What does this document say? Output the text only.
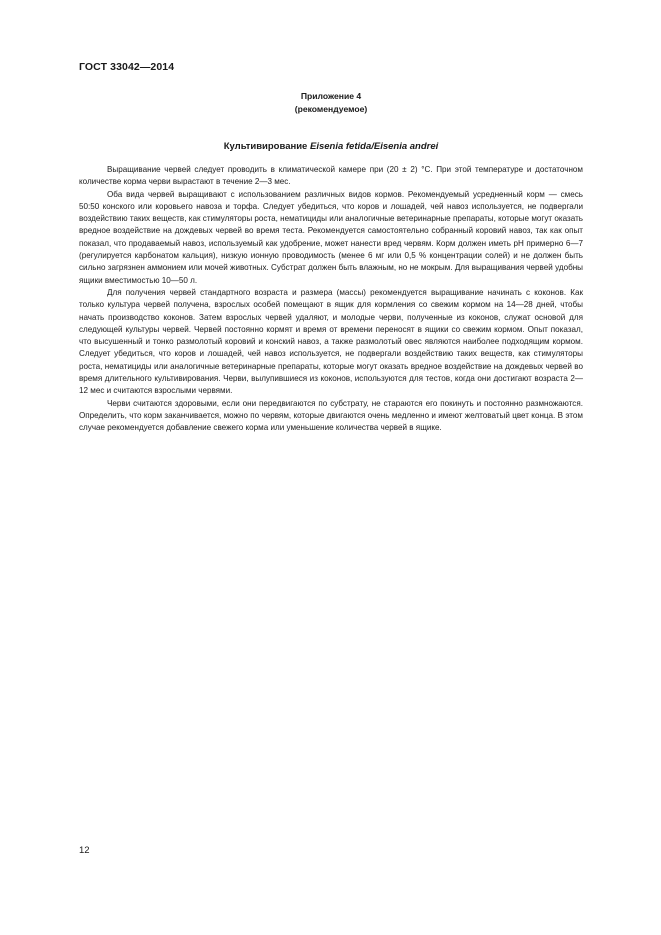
ГОСТ 33042—2014
Приложение 4
(рекомендуемое)
Культивирование Eisenia fetida/Eisenia andrei

Выращивание червей следует проводить в климатической камере при (20 ± 2) °C. При этой температуре и достаточном количестве корма черви вырастают в течение 2—3 мес.

Оба вида червей выращивают с использованием различных видов кормов. Рекомендуемый усредненный корм — смесь 50:50 конского или коровьего навоза и торфа. Следует убедиться, что коров и лошадей, чей навоз используется, не подвергали воздействию таких веществ, как стимуляторы роста, нематициды или аналогичные ветеринарные препараты, которые могут оказать вредное воздействие на дождевых червей во время теста. Рекомендуется самостоятельно собранный коровий навоз, так как опыт показал, что продаваемый навоз, используемый как удобрение, может нанести вред червям. Корм должен иметь pH примерно 6—7 (регулируется карбонатом кальция), низкую ионную проводимость (менее 6 мг или 0,5 % концентрации солей) и не должен быть сильно загрязнен аммонием или мочей животных. Субстрат должен быть влажным, но не мокрым. Для выращивания червей удобны ящики вместимостью 10—50 л.

Для получения червей стандартного возраста и размера (массы) рекомендуется выращивание начинать с коконов. Как только культура червей получена, взрослых особей помещают в ящик для кормления со свежим кормом на 14—28 дней, чтобы начать производство коконов. Затем взрослых червей удаляют, и молодые черви, полученные из коконов, служат основой для следующей культуры червей. Червей постоянно кормят и время от времени переносят в ящики со свежим кормом. Опыт показал, что высушенный и тонко размолотый коровий и конский навоз, а также размолотый овес являются наиболее подходящим кормом. Следует убедиться, что коров и лошадей, чей навоз используется, не подвергали воздействию таких веществ, как стимуляторы роста, нематициды или аналогичные ветеринарные препараты, которые могут оказать вредное воздействие на дождевых червей во время длительного культивирования. Черви, вылупившиеся из коконов, используются для тестов, когда они достигают возраста 2—12 мес и считаются взрослыми червями.

Черви считаются здоровыми, если они передвигаются по субстрату, не стараются его покинуть и постоянно размножаются. Определить, что корм заканчивается, можно по червям, которые двигаются очень медленно и имеют желтоватый цвет конца. В этом случае рекомендуется добавление свежего корма или уменьшение количества червей в ящике.

12
